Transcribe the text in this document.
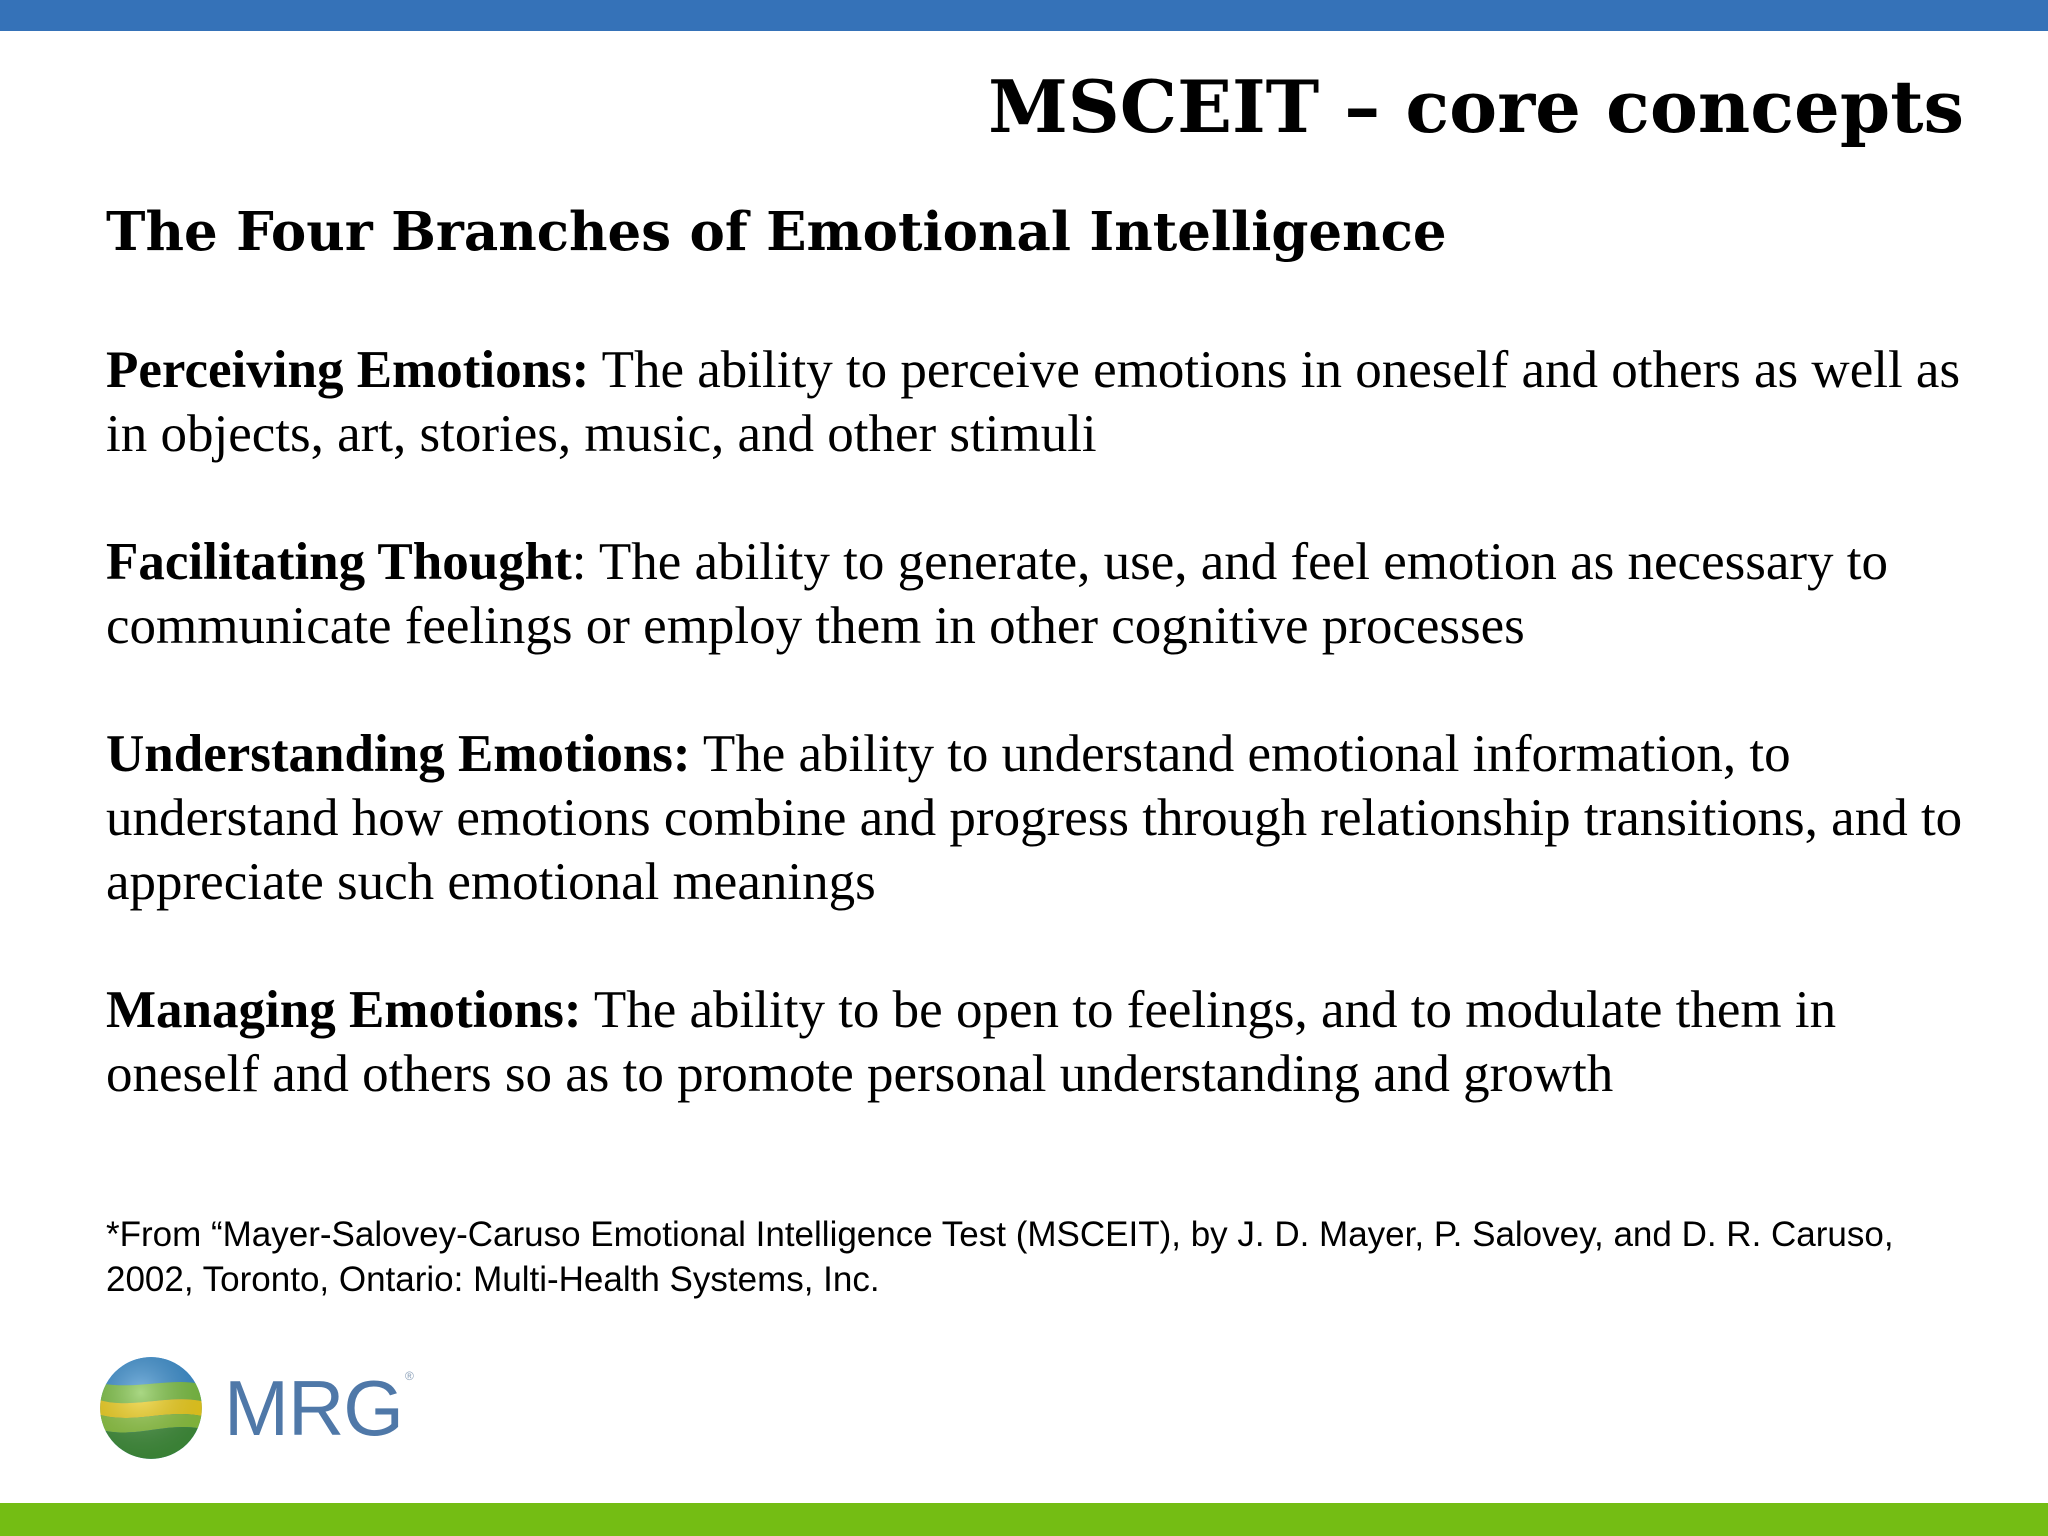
MSCEIT – core concepts
The Four Branches of Emotional Intelligence
Perceiving Emotions: The ability to perceive emotions in oneself and others as well as in objects, art, stories, music, and other stimuli
Facilitating Thought: The ability to generate, use, and feel emotion as necessary to communicate feelings or employ them in other cognitive processes
Understanding Emotions: The ability to understand emotional information, to understand how emotions combine and progress through relationship transitions, and to appreciate such emotional meanings
Managing Emotions: The ability to be open to feelings, and to modulate them in oneself and others so as to promote personal understanding and growth

*From “Mayer-Salovey-Caruso Emotional Intelligence Test (MSCEIT), by J. D. Mayer, P. Salovey, and D. R. Caruso, 2002, Toronto, Ontario: Multi-Health Systems, Inc.

MRG ®
